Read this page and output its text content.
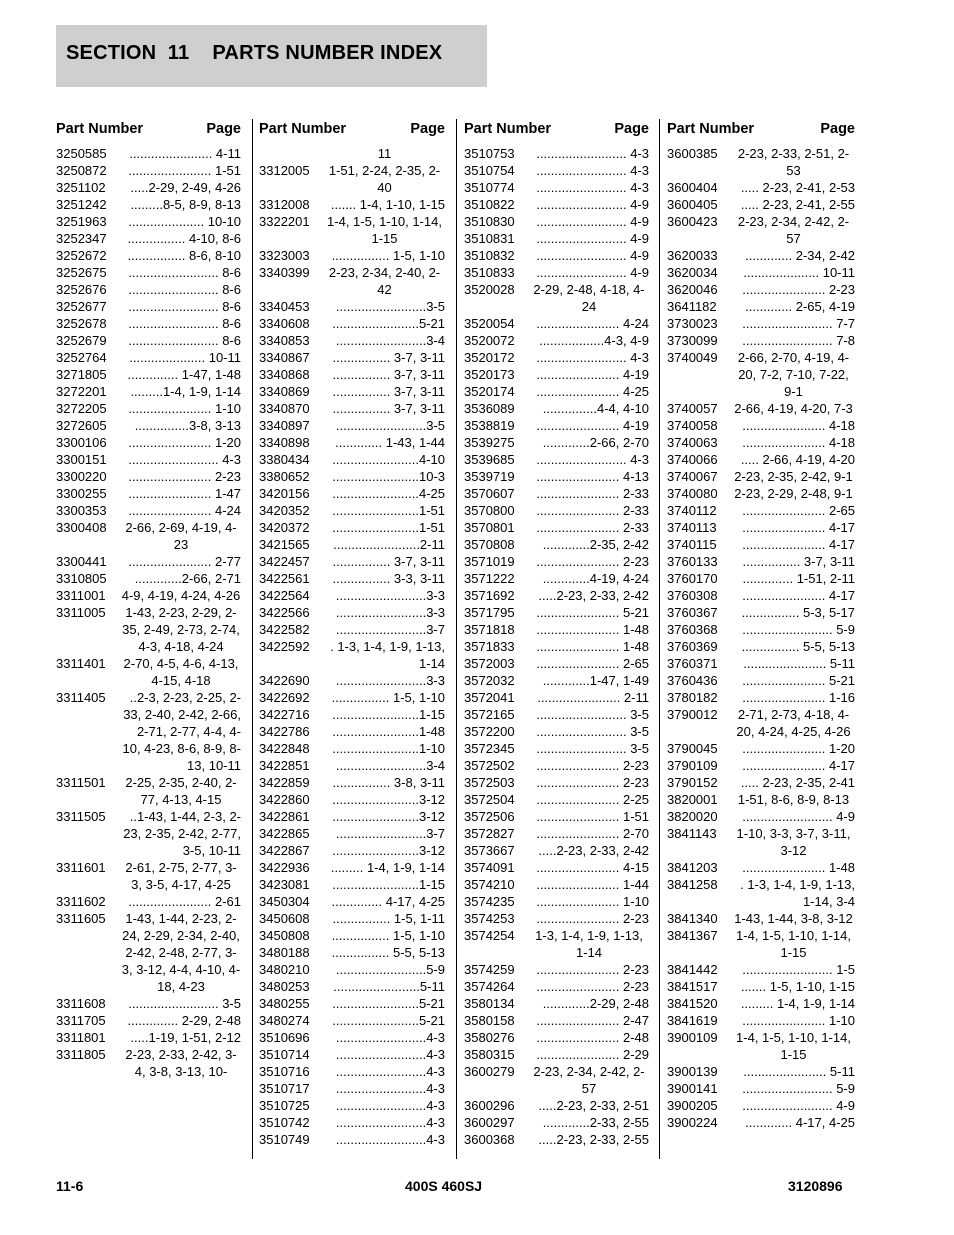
SECTION  11    PARTS NUMBER INDEX
Part Number	Page
3250585	....................... 4-11
3250872	....................... 1-51
3251102	.....2-29, 2-49, 4-26
3251242	.........8-5, 8-9, 8-13
3251963	..................... 10-10
3252347	................ 4-10, 8-6
3252672	................ 8-6, 8-10
3252675	......................... 8-6
3252676	......................... 8-6
3252677	......................... 8-6
3252678	......................... 8-6
3252679	......................... 8-6
3252764	..................... 10-11
3271805	.............. 1-47, 1-48
3272201	.........1-4, 1-9, 1-14
3272205	....................... 1-10
3272605	...............3-8, 3-13
3300106	....................... 1-20
3300151	......................... 4-3
3300220	....................... 2-23
3300255	....................... 1-47
3300353	....................... 4-24
3300408	2-66, 2-69, 4-19, 4-23
3300441	....................... 2-77
3310805	.............2-66, 2-71
3311001 4-9, 4-19, 4-24, 4-26
3311005	1-43, 2-23, 2-29, 2-35, 2-49, 2-73, 2-74, 4-3, 4-18, 4-24
3311401 2-70, 4-5, 4-6, 4-13, 4-15, 4-18
3311405	..2-3, 2-23, 2-25, 2-33, 2-40, 2-42, 2-66, 2-71, 2-77, 4-4, 4-10, 4-23, 8-6, 8-9, 8-13, 10-11
3311501	2-25, 2-35, 2-40, 2-77, 4-13, 4-15
3311505	..1-43, 1-44, 2-3, 2-23, 2-35, 2-42, 2-77, 3-5, 10-11
3311601	2-61, 2-75, 2-77, 3-3, 3-5, 4-17, 4-25
3311602	....................... 2-61
3311605	1-43, 1-44, 2-23, 2-24, 2-29, 2-34, 2-40, 2-42, 2-48, 2-77, 3-3, 3-12, 4-4, 4-10, 4-18, 4-23
3311608	......................... 3-5
3311705	.............. 2-29, 2-48
3311801	.....1-19, 1-51, 2-12
3311805	2-23, 2-33, 2-42, 3-4, 3-8, 3-13, 10-
Part Number	Page
11
3312005	1-51, 2-24, 2-35, 2-40
3312008	....... 1-4, 1-10, 1-15
3322201 1-4, 1-5, 1-10, 1-14, 1-15
3323003	................ 1-5, 1-10
3340399	2-23, 2-34, 2-40, 2-42
3340453	.........................3-5
3340608	........................5-21
3340853	.........................3-4
3340867	................ 3-7, 3-11
3340868	................ 3-7, 3-11
3340869	................ 3-7, 3-11
3340870	................ 3-7, 3-11
3340897	.........................3-5
3340898	............. 1-43, 1-44
3380434	........................4-10
3380652	........................10-3
3420156	........................4-25
3420352	........................1-51
3420372	........................1-51
3421565	........................2-11
3422457	................ 3-7, 3-11
3422561	................ 3-3, 3-11
3422564	.........................3-3
3422566	.........................3-3
3422582	.........................3-7
3422592	. 1-3, 1-4, 1-9, 1-13, 1-14
3422690	.........................3-3
3422692	................ 1-5, 1-10
3422716	........................1-15
3422786	........................1-48
3422848	........................1-10
3422851	.........................3-4
3422859	................ 3-8, 3-11
3422860	........................3-12
3422861	........................3-12
3422865	.........................3-7
3422867	........................3-12
3422936	......... 1-4, 1-9, 1-14
3423081	........................1-15
3450304	.............. 4-17, 4-25
3450608	................ 1-5, 1-11
3450808	................ 1-5, 1-10
3480188	................ 5-5, 5-13
3480210	.........................5-9
3480253	........................5-11
3480255	........................5-21
3480274	........................5-21
3510696	.........................4-3
3510714	.........................4-3
3510716	.........................4-3
3510717	.........................4-3
3510725	.........................4-3
3510742	.........................4-3
3510749	.........................4-3
Part Number	Page
3510753	......................... 4-3
3510754	......................... 4-3
3510774	......................... 4-3
3510822	......................... 4-9
3510830	......................... 4-9
3510831	......................... 4-9
3510832	......................... 4-9
3510833	......................... 4-9
3520028	2-29, 2-48, 4-18, 4-24
3520054	....................... 4-24
3520072	..................4-3, 4-9
3520172	......................... 4-3
3520173	....................... 4-19
3520174	....................... 4-25
3536089	...............4-4, 4-10
3538819	....................... 4-19
3539275	.............2-66, 2-70
3539685	......................... 4-3
3539719	....................... 4-13
3570607	....................... 2-33
3570800	....................... 2-33
3570801	....................... 2-33
3570808	.............2-35, 2-42
3571019	....................... 2-23
3571222	.............4-19, 4-24
3571692	.....2-23, 2-33, 2-42
3571795	....................... 5-21
3571818	....................... 1-48
3571833	....................... 1-48
3572003	....................... 2-65
3572032	.............1-47, 1-49
3572041	....................... 2-11
3572165	......................... 3-5
3572200	......................... 3-5
3572345	......................... 3-5
3572502	....................... 2-23
3572503	....................... 2-23
3572504	....................... 2-25
3572506	....................... 1-51
3572827	....................... 2-70
3573667	.....2-23, 2-33, 2-42
3574091	....................... 4-15
3574210	....................... 1-44
3574235	....................... 1-10
3574253	....................... 2-23
3574254	1-3, 1-4, 1-9, 1-13, 1-14
3574259	....................... 2-23
3574264	....................... 2-23
3580134	.............2-29, 2-48
3580158	....................... 2-47
3580276	....................... 2-48
3580315	....................... 2-29
3600279	2-23, 2-34, 2-42, 2-57
3600296	.....2-23, 2-33, 2-51
3600297	.............2-33, 2-55
3600368	.....2-23, 2-33, 2-55
Part Number	Page
3600385	2-23, 2-33, 2-51, 2-53
3600404	..... 2-23, 2-41, 2-53
3600405	..... 2-23, 2-41, 2-55
3600423	2-23, 2-34, 2-42, 2-57
3620033	............. 2-34, 2-42
3620034	..................... 10-11
3620046	....................... 2-23
3641182	............. 2-65, 4-19
3730023	......................... 7-7
3730099	......................... 7-8
3740049	2-66, 2-70, 4-19, 4-20, 7-2, 7-10, 7-22, 9-1
3740057 2-66, 4-19, 4-20, 7-3
3740058	....................... 4-18
3740063	....................... 4-18
3740066	..... 2-66, 4-19, 4-20
3740067 2-23, 2-35, 2-42, 9-1
3740080 2-23, 2-29, 2-48, 9-1
3740112	....................... 2-65
3740113	....................... 4-17
3740115	....................... 4-17
3760133	................ 3-7, 3-11
3760170	.............. 1-51, 2-11
3760308	....................... 4-17
3760367	................ 5-3, 5-17
3760368	......................... 5-9
3760369	................ 5-5, 5-13
3760371	....................... 5-11
3760436	....................... 5-21
3780182	....................... 1-16
3790012	2-71, 2-73, 4-18, 4-20, 4-24, 4-25, 4-26
3790045	....................... 1-20
3790109	....................... 4-17
3790152	..... 2-23, 2-35, 2-41
3820001	1-51, 8-6, 8-9, 8-13
3820020	......................... 4-9
3841143	1-10, 3-3, 3-7, 3-11, 3-12
3841203	....................... 1-48
3841258	. 1-3, 1-4, 1-9, 1-13, 1-14, 3-4
3841340 1-43, 1-44, 3-8, 3-12
3841367	1-4, 1-5, 1-10, 1-14, 1-15
3841442	......................... 1-5
3841517	....... 1-5, 1-10, 1-15
3841520	......... 1-4, 1-9, 1-14
3841619	....................... 1-10
3900109	1-4, 1-5, 1-10, 1-14, 1-15
3900139	....................... 5-11
3900141	......................... 5-9
3900205	......................... 4-9
3900224	............. 4-17, 4-25
11-6	400S 460SJ	3120896
